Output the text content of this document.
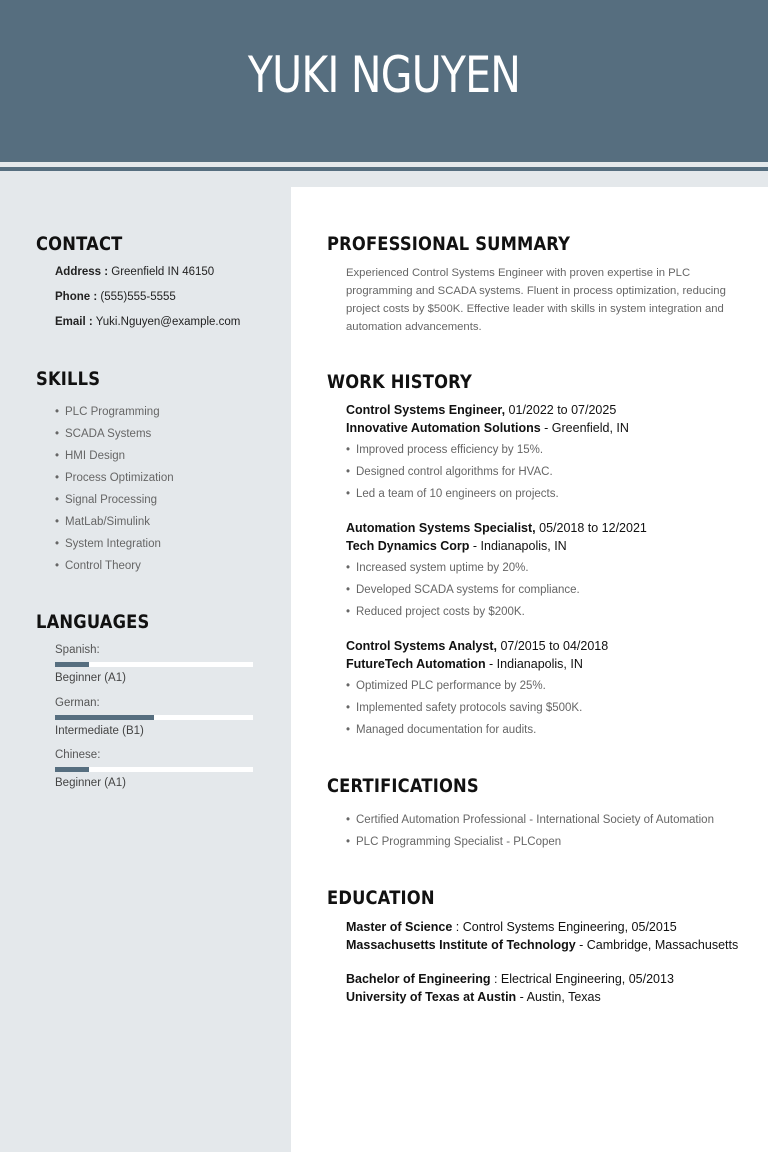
YUKI NGUYEN
CONTACT
Address : Greenfield IN 46150
Phone : (555)555-5555
Email : Yuki.Nguyen@example.com
SKILLS
• PLC Programming
• SCADA Systems
• HMI Design
• Process Optimization
• Signal Processing
• MatLab/Simulink
• System Integration
• Control Theory
LANGUAGES
Spanish:
Beginner (A1)
German:
Intermediate (B1)
Chinese:
Beginner (A1)
PROFESSIONAL SUMMARY

Experienced Control Systems Engineer with proven expertise in PLC programming and SCADA systems. Fluent in process optimization, reducing project costs by $500K. Effective leader with skills in system integration and automation advancements.

WORK HISTORY
Control Systems Engineer, 01/2022 to 07/2025
Innovative Automation Solutions - Greenfield, IN
• Improved process efficiency by 15%.
• Designed control algorithms for HVAC.
• Led a team of 10 engineers on projects.
Automation Systems Specialist, 05/2018 to 12/2021
Tech Dynamics Corp - Indianapolis, IN
• Increased system uptime by 20%.
• Developed SCADA systems for compliance.
• Reduced project costs by $200K.
Control Systems Analyst, 07/2015 to 04/2018
FutureTech Automation - Indianapolis, IN
• Optimized PLC performance by 25%.
• Implemented safety protocols saving $500K.
• Managed documentation for audits.
CERTIFICATIONS
• Certified Automation Professional - International Society of Automation
• PLC Programming Specialist - PLCopen
EDUCATION
Master of Science : Control Systems Engineering, 05/2015
Massachusetts Institute of Technology - Cambridge, Massachusetts
Bachelor of Engineering : Electrical Engineering, 05/2013
University of Texas at Austin - Austin, Texas
